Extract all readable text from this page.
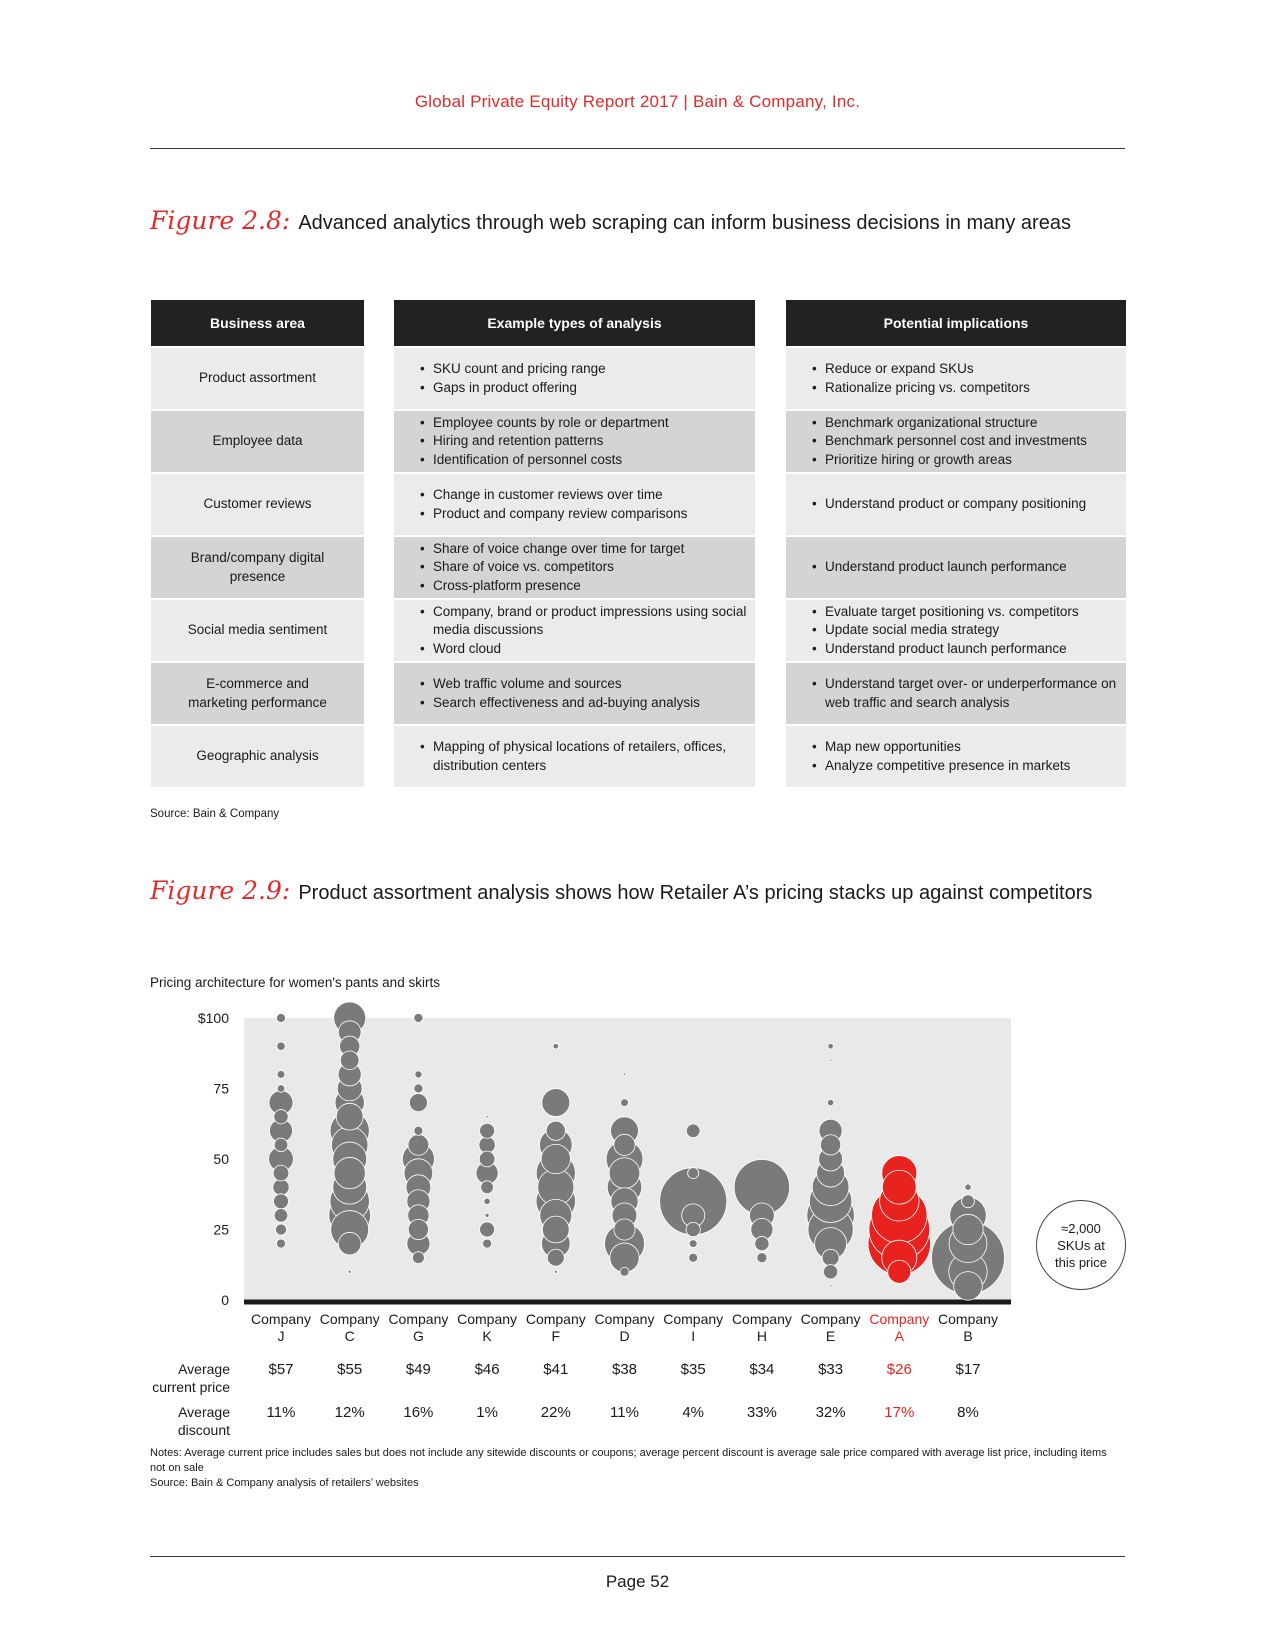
Global Private Equity Report 2017 | Bain & Company, Inc.
Figure 2.8: Advanced analytics through web scraping can inform business decisions in many areas
Business area
Product assortment
Employee data
Customer reviews
Brand/company digital presence
Social media sentiment
E-commerce and marketing performance
Geographic analysis
Example types of analysis
• SKU count and pricing range
• Gaps in product offering
• Employee counts by role or department
• Hiring and retention patterns
• Identification of personnel costs
• Change in customer reviews over time
• Product and company review comparisons
• Share of voice change over time for target
• Share of voice vs. competitors
• Cross-platform presence
• Company, brand or product impressions using social media discussions
• Word cloud
• Web traffic volume and sources
• Search effectiveness and ad-buying analysis
• Mapping of physical locations of retailers, offices, distribution centers
Potential implications
• Reduce or expand SKUs
• Rationalize pricing vs. competitors
• Benchmark organizational structure
• Benchmark personnel cost and investments
• Prioritize hiring or growth areas
• Understand product or company positioning
• Understand product launch performance
• Evaluate target positioning vs. competitors
• Update social media strategy
• Understand product launch performance
• Understand target over- or underperformance on web traffic and search analysis
• Map new opportunities
• Analyze competitive presence in markets
Source: Bain & Company
Figure 2.9: Product assortment analysis shows how Retailer A’s pricing stacks up against competitors
Pricing architecture for women's pants and skirts
$100
75
50
25
0
Company J
$57
11%
Company C
$55
12%
Company G
$49
16%
Company K
$46
1%
Company F
$41
22%
Company D
$38
11%
Company I
$35
4%
Company H
$34
33%
Company E
$33
32%
Company A
$26
17%
Company B
$17
8%
≈2,000 SKUs at this price
Average current price
Average discount
Notes: Average current price includes sales but does not include any sitewide discounts or coupons; average percent discount is average sale price compared with average list price, including items not on sale
Source: Bain & Company analysis of retailers’ websites
Page 52
